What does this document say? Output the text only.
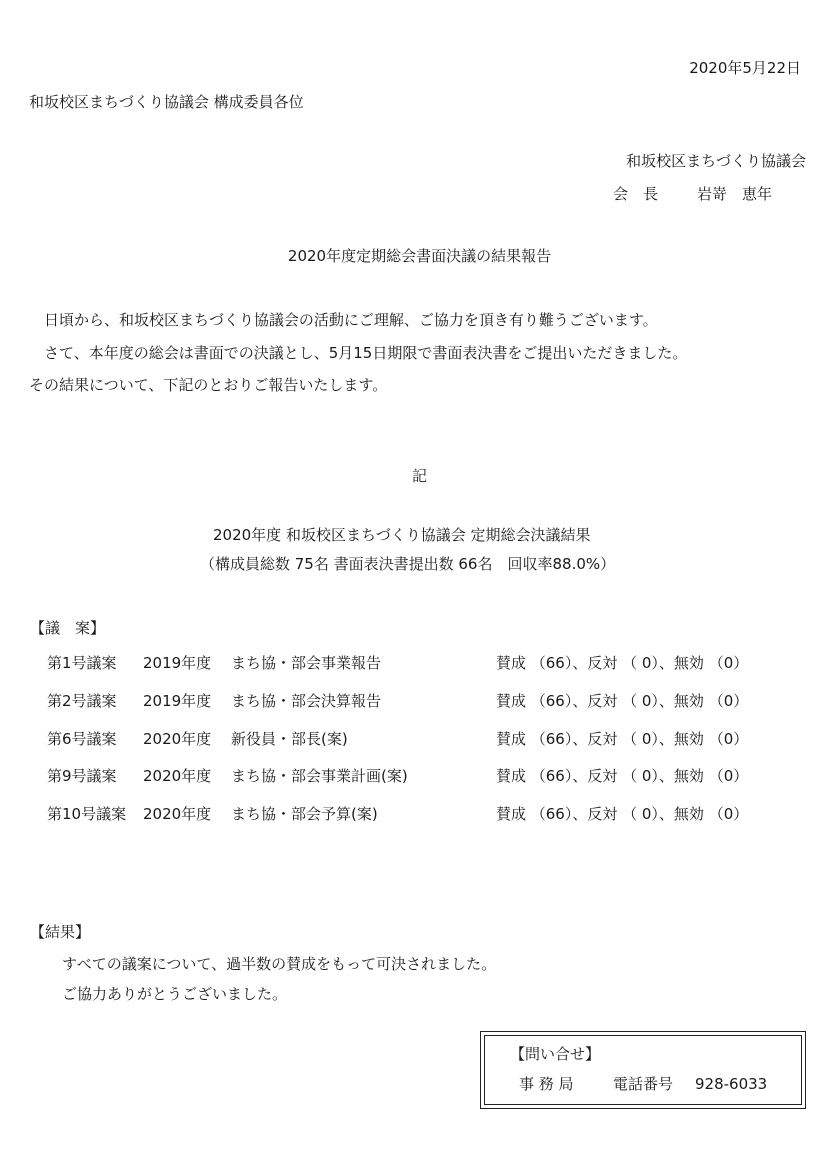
2020年5月22日
和坂校区まちづくり協議会 構成委員各位
和坂校区まちづくり協議会
会　長	岩嵜　恵年
2020年度定期総会書面決議の結果報告
日頃から、和坂校区まちづくり協議会の活動にご理解、ご協力を頂き有り難うございます。
さて、本年度の総会は書面での決議とし、5月15日期限で書面表決書をご提出いただきました。
その結果について、下記のとおりご報告いたします。
記
2020年度 和坂校区まちづくり協議会 定期総会決議結果
（構成員総数 75名 書面表決書提出数 66名　回収率88.0%）
【議　案】
第1号議案 2019年度 まち協・部会事業報告	賛成 （66）、反対 （ 0）、無効 （0）
第2号議案 2019年度 まち協・部会決算報告	賛成 （66）、反対 （ 0）、無効 （0）
第6号議案 2020年度 新役員・部長(案)	賛成 （66）、反対 （ 0）、無効 （0）
第9号議案 2020年度 まち協・部会事業計画(案)	賛成 （66）、反対 （ 0）、無効 （0）
第10号議案 2020年度 まち協・部会予算(案)	賛成 （66）、反対 （ 0）、無効 （0）
【結果】
すべての議案について、過半数の賛成をもって可決されました。
ご協力ありがとうございました。
【問い合せ】
事 務 局	電話番号 928-6033
